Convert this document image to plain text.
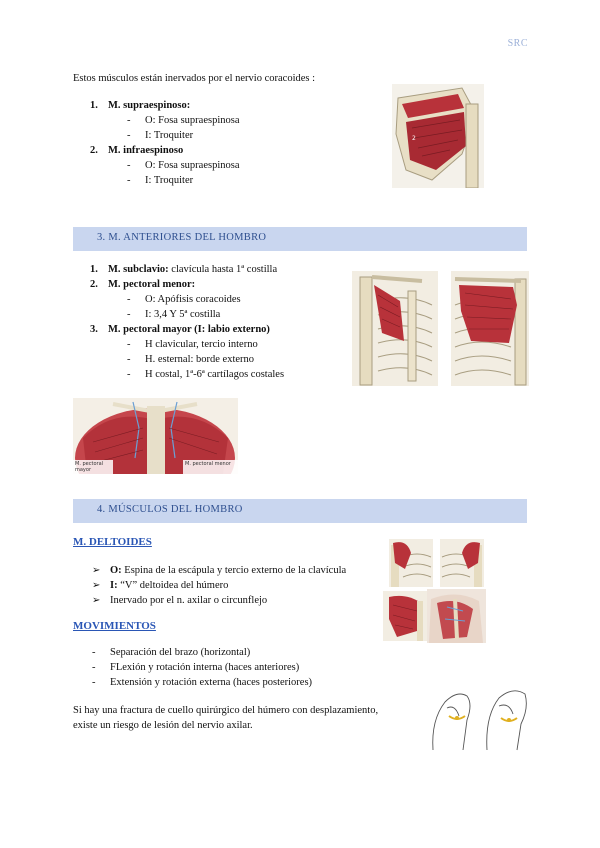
SRC
Estos músculos están inervados por el nervio coracoides :
1. M. supraespinoso:
-	O: Fosa supraespinosa
-	I: Troquiter
2. M. infraespinoso
-	O: Fosa supraespinosa
-	I: Troquiter
2
3. M. ANTERIORES DEL HOMBRO
1. M. subclavio: clavícula hasta 1ª costilla
2. M. pectoral menor:
-	O: Apófisis coracoides
-	I: 3,4 Y 5ª costilla
3. M. pectoral mayor (I: labio externo)
-	H clavicular, tercio interno
-	H. esternal: borde externo
-	H costal, 1ª-6ª cartílagos costales
M. pectoral mayor
M. pectoral menor
4. MÚSCULOS DEL HOMBRO
M. DELTOIDES
➢ O: Espina de la escápula y tercio externo de la clavícula
➢ I: “V” deltoidea del húmero
➢ Inervado por el n. axilar o circunflejo
MOVIMIENTOS
-	Separación del brazo (horizontal)
-	FLexión y rotación interna (haces anteriores)
-	Extensión y rotación externa (haces posteriores)
Si hay una fractura de cuello quirúrgico del húmero con desplazamiento,
existe un riesgo de lesión del nervio axilar.
